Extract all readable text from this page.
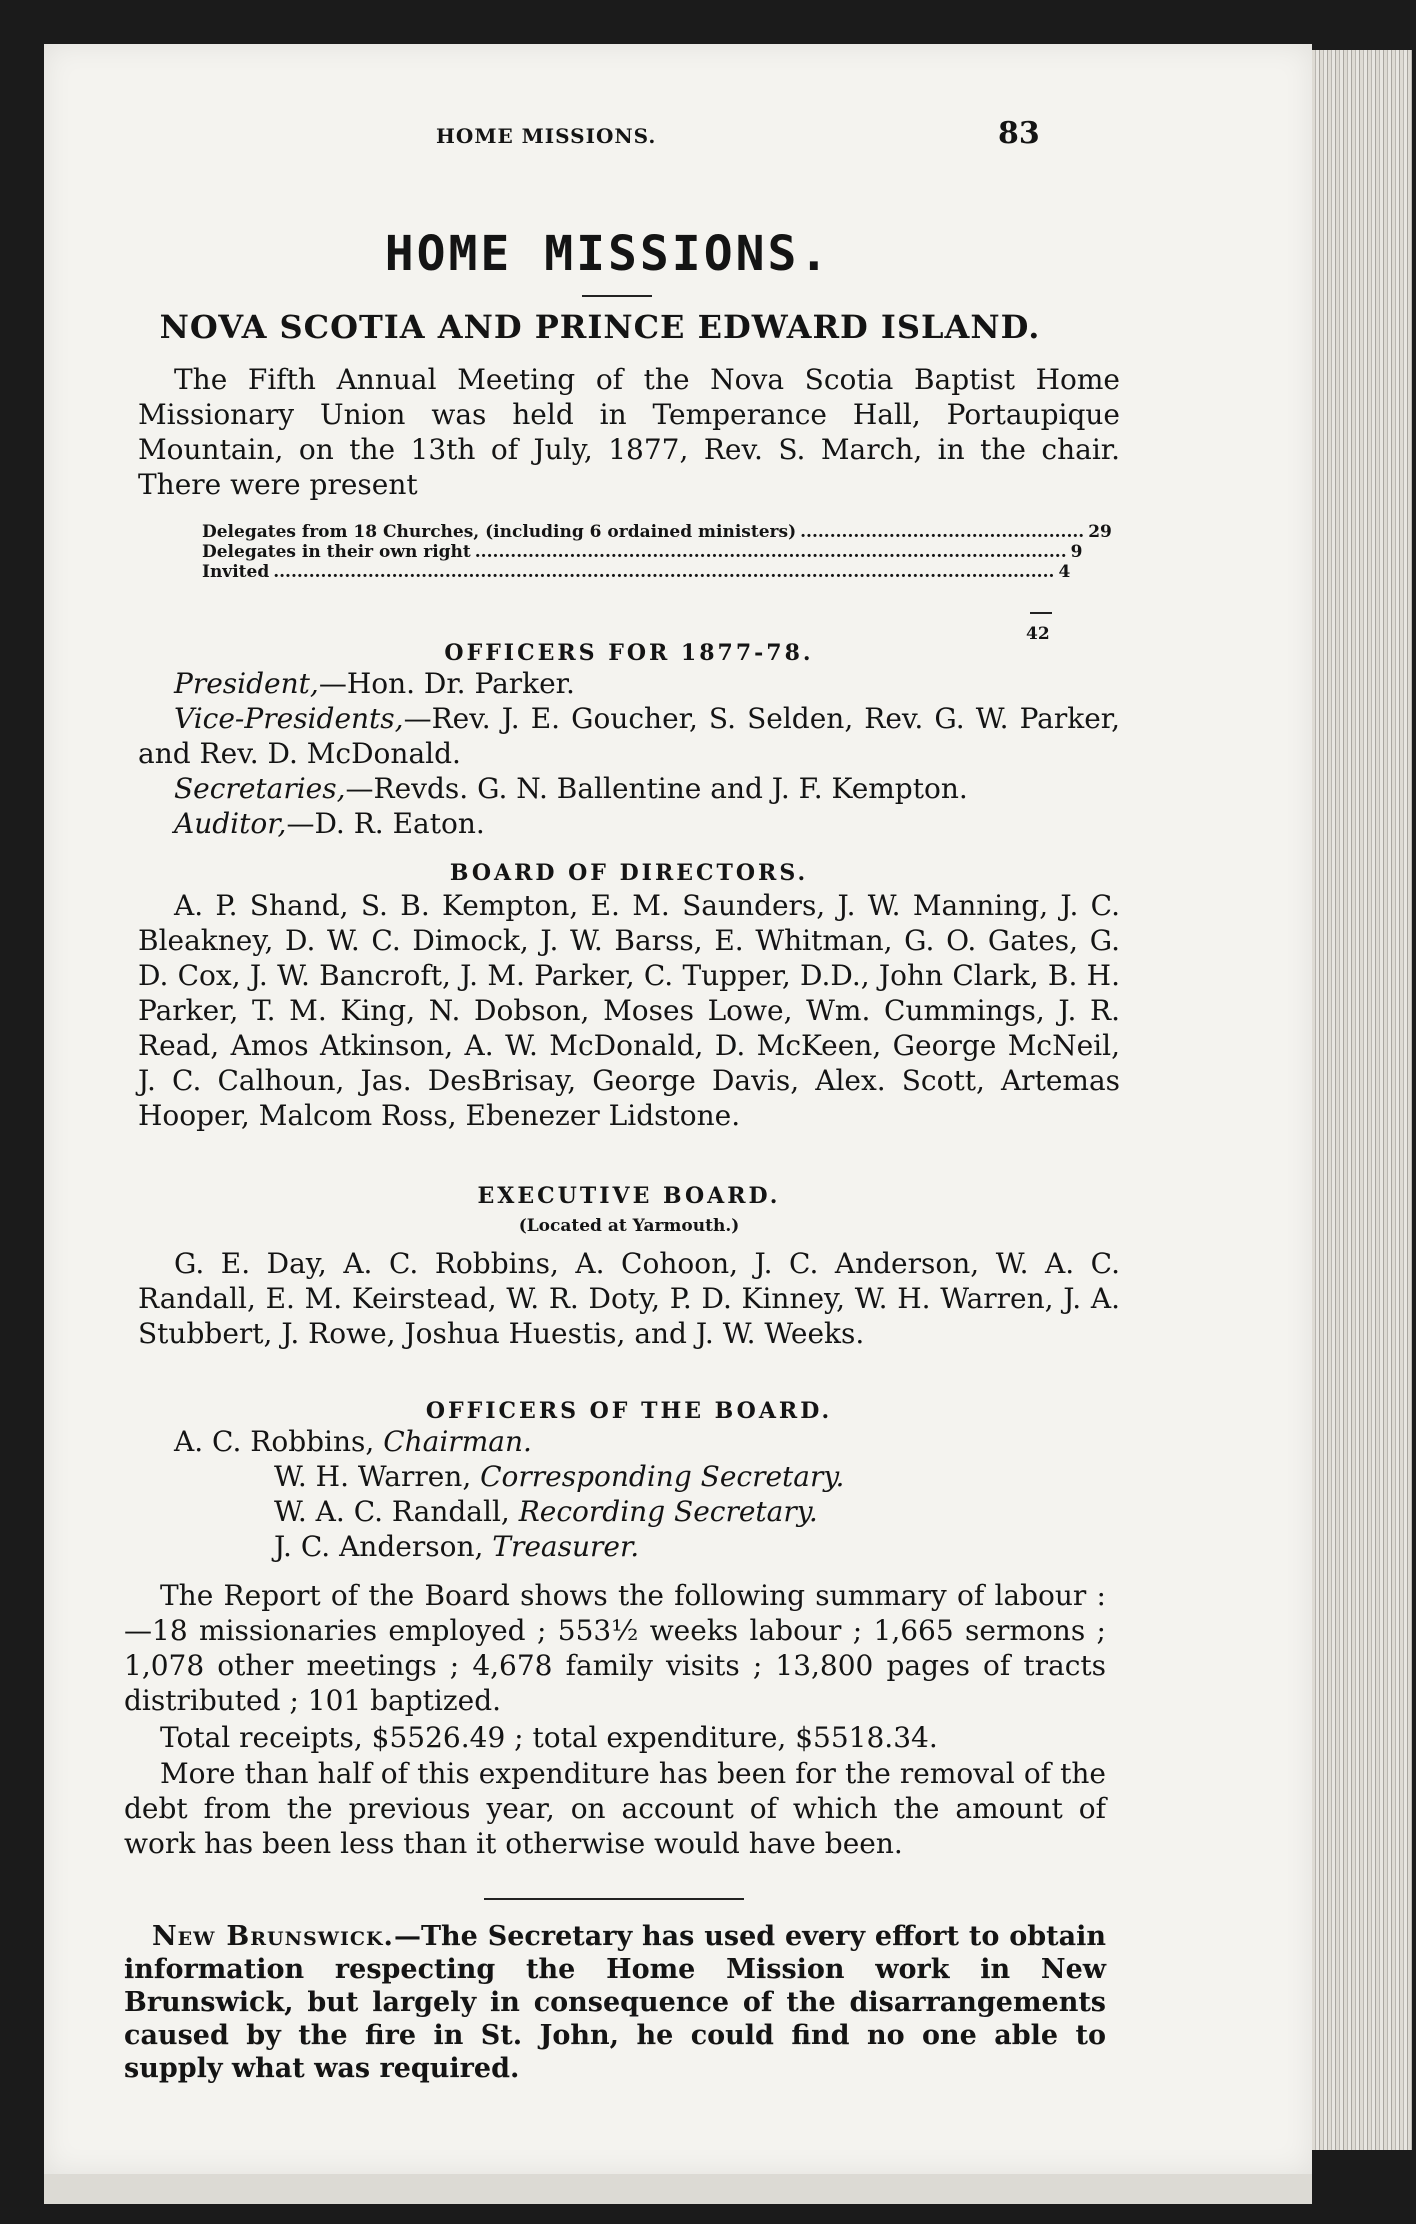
HOME MISSIONS.	83
HOME MISSIONS.
NOVA SCOTIA AND PRINCE EDWARD ISLAND.
The Fifth Annual Meeting of the Nova Scotia Baptist Home Missionary Union was held in Temperance Hall, Portaupique Mountain, on the 13th of July, 1877, Rev. S. March, in the chair. There were present
Delegates from 18 Churches, (including 6 ordained ministers) ................................................ 29
Delegates in their own right .................................................................................................... 9
Invited .................................................................................................................................... 4
42
OFFICERS FOR 1877-78.
President,—Hon. Dr. Parker.
Vice-Presidents,—Rev. J. E. Goucher, S. Selden, Rev. G. W. Parker, and Rev. D. McDonald.
Secretaries,—Revds. G. N. Ballentine and J. F. Kempton.
Auditor,—D. R. Eaton.
BOARD OF DIRECTORS.
A. P. Shand, S. B. Kempton, E. M. Saunders, J. W. Manning, J. C. Bleakney, D. W. C. Dimock, J. W. Barss, E. Whitman, G. O. Gates, G. D. Cox, J. W. Bancroft, J. M. Parker, C. Tupper, D.D., John Clark, B. H. Parker, T. M. King, N. Dobson, Moses Lowe, Wm. Cummings, J. R. Read, Amos Atkinson, A. W. McDonald, D. McKeen, George McNeil, J. C. Calhoun, Jas. DesBrisay, George Davis, Alex. Scott, Artemas Hooper, Malcom Ross, Ebenezer Lidstone.
EXECUTIVE BOARD.
(Located at Yarmouth.)
G. E. Day, A. C. Robbins, A. Cohoon, J. C. Anderson, W. A. C. Randall, E. M. Keirstead, W. R. Doty, P. D. Kinney, W. H. Warren, J. A. Stubbert, J. Rowe, Joshua Huestis, and J. W. Weeks.
OFFICERS OF THE BOARD.
A. C. Robbins, Chairman.
W. H. Warren, Corresponding Secretary.
W. A. C. Randall, Recording Secretary.
J. C. Anderson, Treasurer.
The Report of the Board shows the following summary of labour :—18 missionaries employed ; 553½ weeks labour ; 1,665 sermons ; 1,078 other meetings ; 4,678 family visits ; 13,800 pages of tracts distributed ; 101 baptized.
Total receipts, $5526.49 ; total expenditure, $5518.34.
More than half of this expenditure has been for the removal of the debt from the previous year, on account of which the amount of work has been less than it otherwise would have been.
New Brunswick.—The Secretary has used every effort to obtain information respecting the Home Mission work in New Brunswick, but largely in consequence of the disarrangements caused by the fire in St. John, he could find no one able to supply what was required.
